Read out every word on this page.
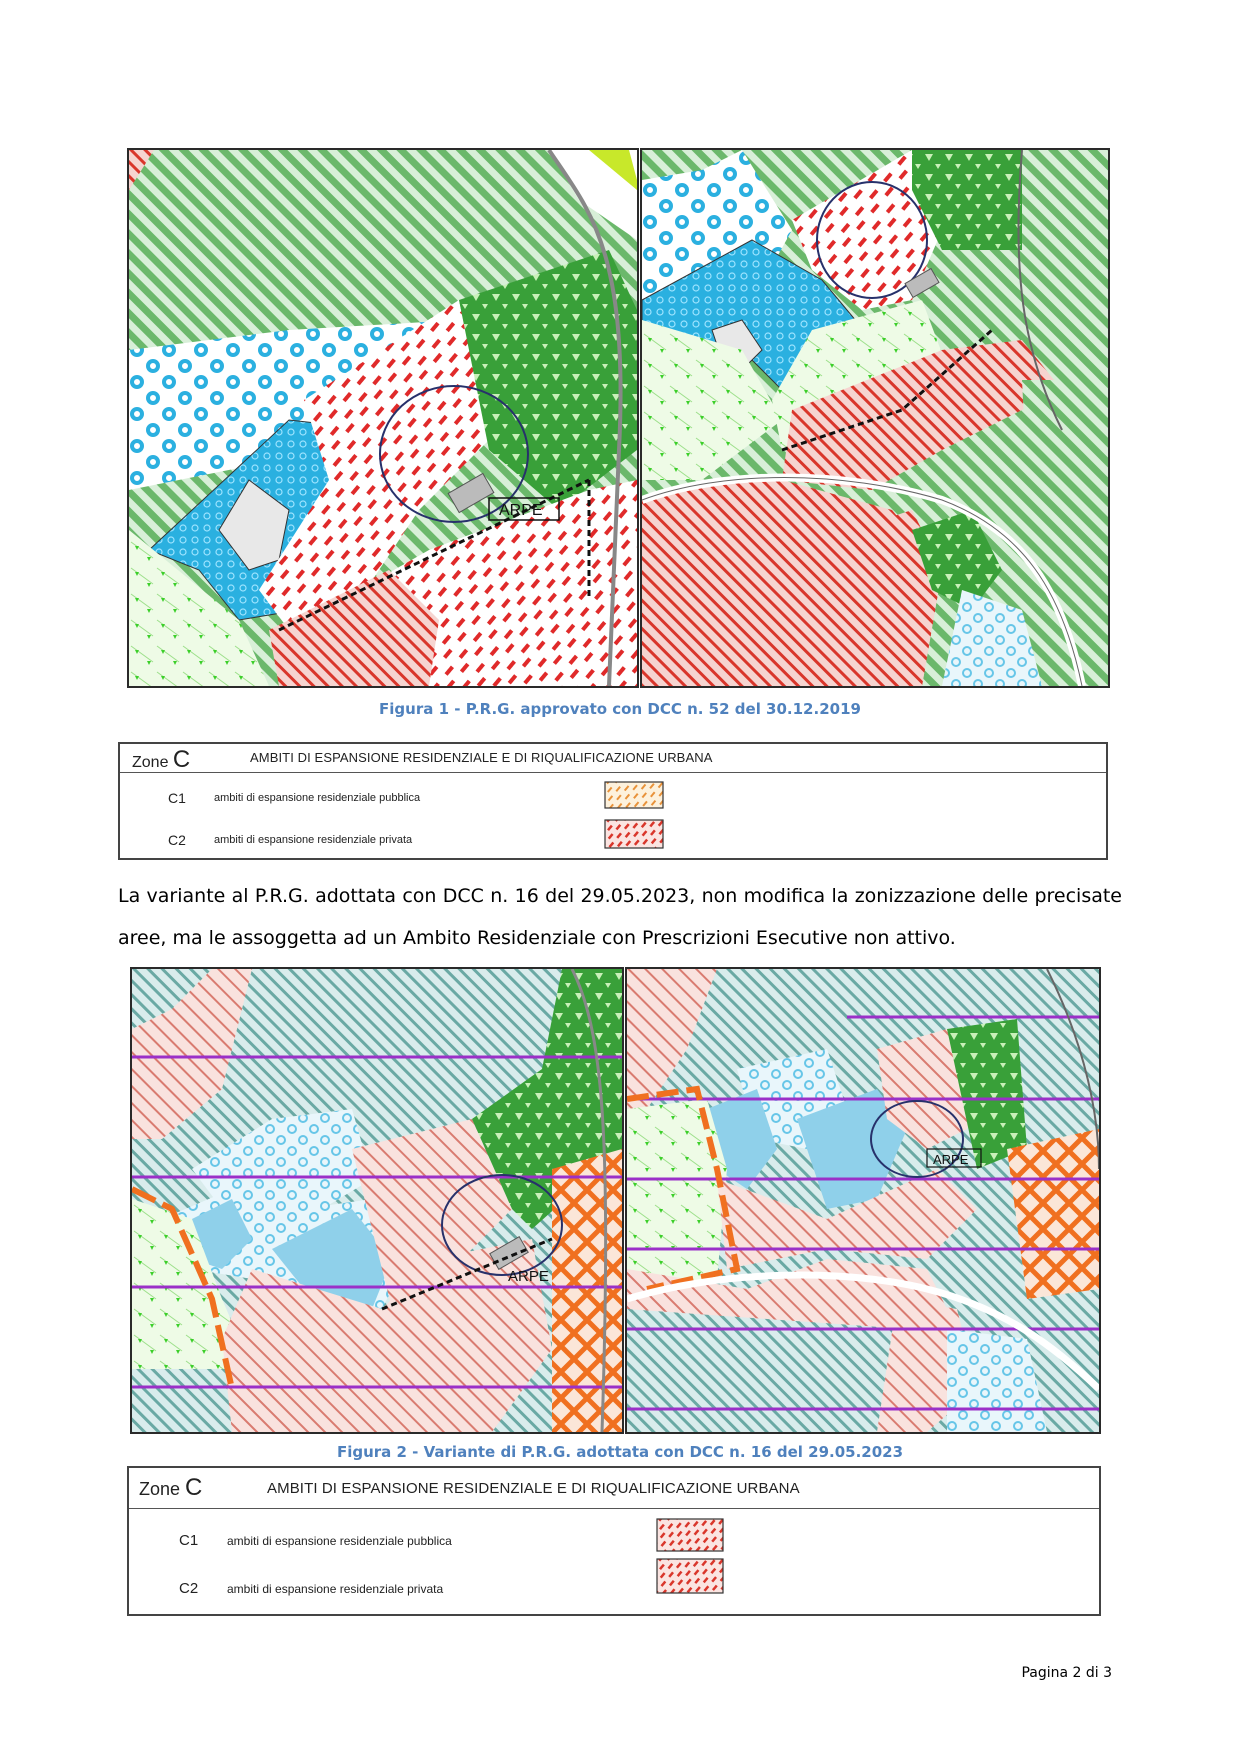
ARPE
Figura 1 - P.R.G. approvato con DCC n. 52 del 30.12.2019
Zone C	AMBITI DI ESPANSIONE RESIDENZIALE E DI RIQUALIFICAZIONE URBANA
C1	ambiti di espansione residenziale pubblica
C2	ambiti di espansione residenziale privata
La variante al P.R.G. adottata con DCC n. 16 del 29.05.2023, non modifica la zonizzazione delle precisate aree, ma le assoggetta ad un Ambito Residenziale con Prescrizioni Esecutive non attivo.
ARPE
ARPE
Figura 2 - Variante di P.R.G. adottata con DCC n. 16 del 29.05.2023
Zone C	AMBITI DI ESPANSIONE RESIDENZIALE E DI RIQUALIFICAZIONE URBANA
C1 ambiti di espansione residenziale pubblica
C2 ambiti di espansione residenziale privata
Pagina 2 di 3
